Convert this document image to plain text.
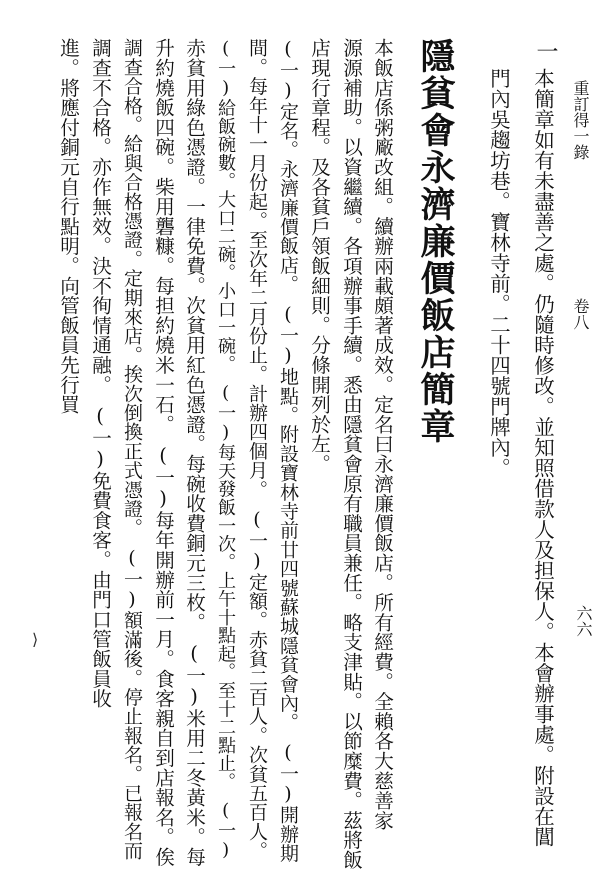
重訂得一錄
卷八
六六
一
本簡章如有未盡善之處。仍隨時修改。並知照借款人及担保人。本會辦事處。附設在閶
門內吳趨坊巷。寶林寺前。二十四號門牌內。
隱貧會永濟廉價飯店簡章
本飯店係粥廠改組。續辦兩載頗著成效。定名曰永濟廉價飯店。所有經費。全賴各大慈善家
源源補助。以資繼續。各項辦事手續。悉由隱貧會原有職員兼任。略支津貼。以節糜費。茲將飯
店現行章程。及各貧戶領飯細則。分條開列於左。
(一)定名。永濟廉價飯店。　(一)地點。附設寶林寺前廿四號蘇城隱貧會內。　(一)開辦期
間。每年十一月份起。至次年二月份止。計辦四個月。　(一)定額。赤貧二百人。次貧五百人。
(一)給飯碗數。大口二碗。小口一碗。　(一)每天發飯一次。上午十點起。至十二點止。　(一)
赤貧用綠色憑證。一律免費。次貧用紅色憑證。每碗收費銅元三枚。　(一)米用二冬黃米。每
升約燒飯四碗。柴用礱糠。每担約燒米一石。　(一)每年開辦前一月。食客親自到店報名。俟
調查合格。給與合格憑證。定期來店。挨次倒換正式憑證。　(一)額滿後。停止報名。已報名而
調查不合格。亦作無效。決不徇情通融。　(一)免費食客。由門口管飯員收
進。將應付銅元自行點明。向管飯員先行買
⟩
